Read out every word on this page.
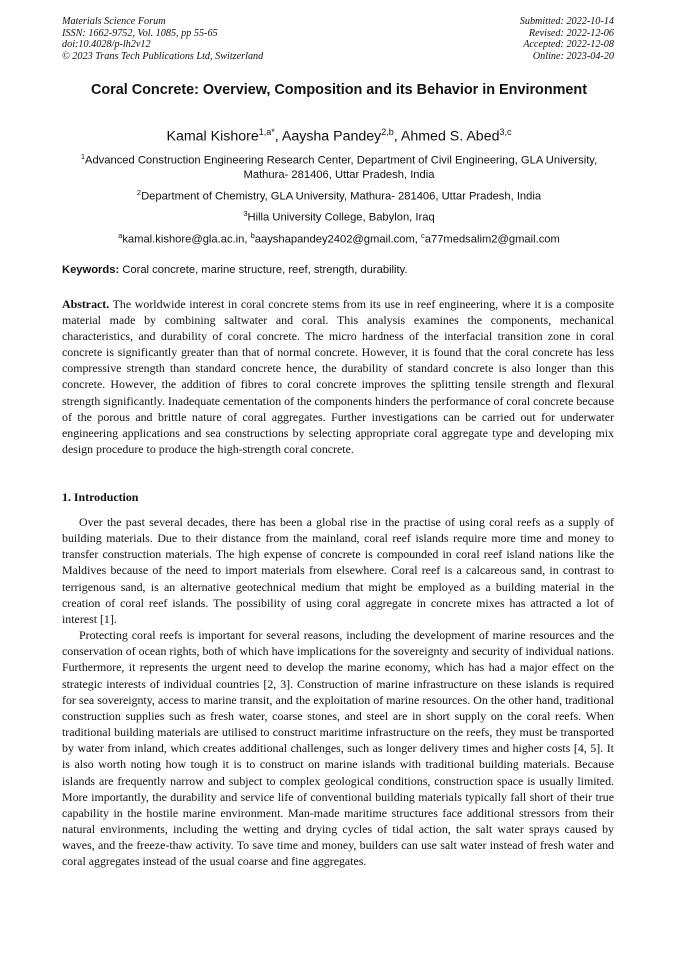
Materials Science Forum
ISSN: 1662-9752, Vol. 1085, pp 55-65
doi:10.4028/p-lh2v12
© 2023 Trans Tech Publications Ltd, Switzerland
Submitted: 2022-10-14
Revised: 2022-12-06
Accepted: 2022-12-08
Online: 2023-04-20
Coral Concrete: Overview, Composition and its Behavior in Environment
Kamal Kishore$^{1,a*}$, Aaysha Pandey$^{2,b}$, Ahmed S. Abed$^{3,c}$
$^1$Advanced Construction Engineering Research Center, Department of Civil Engineering, GLA University, Mathura- 281406, Uttar Pradesh, India
$^2$Department of Chemistry, GLA University, Mathura- 281406, Uttar Pradesh, India
$^3$Hilla University College, Babylon, Iraq
$^a$kamal.kishore@gla.ac.in, $^b$aayshapandey2402@gmail.com, $^c$a77medsalim2@gmail.com
Keywords: Coral concrete, marine structure, reef, strength, durability.
Abstract. The worldwide interest in coral concrete stems from its use in reef engineering, where it is a composite material made by combining saltwater and coral. This analysis examines the components, mechanical characteristics, and durability of coral concrete. The micro hardness of the interfacial transition zone in coral concrete is significantly greater than that of normal concrete. However, it is found that the coral concrete has less compressive strength than standard concrete hence, the durability of standard concrete is also longer than this concrete. However, the addition of fibres to coral concrete improves the splitting tensile strength and flexural strength significantly. Inadequate cementation of the components hinders the performance of coral concrete because of the porous and brittle nature of coral aggregates. Further investigations can be carried out for underwater engineering applications and sea constructions by selecting appropriate coral aggregate type and developing mix design procedure to produce the high-strength coral concrete.
1. Introduction

Over the past several decades, there has been a global rise in the practise of using coral reefs as a supply of building materials. Due to their distance from the mainland, coral reef islands require more time and money to transfer construction materials. The high expense of concrete is compounded in coral reef island nations like the Maldives because of the need to import materials from elsewhere. Coral reef is a calcareous sand, in contrast to terrigenous sand, is an alternative geotechnical medium that might be employed as a building material in the creation of coral reef islands. The possibility of using coral aggregate in concrete mixes has attracted a lot of interest [1].

Protecting coral reefs is important for several reasons, including the development of marine resources and the conservation of ocean rights, both of which have implications for the sovereignty and security of individual nations. Furthermore, it represents the urgent need to develop the marine economy, which has had a major effect on the strategic interests of individual countries [2, 3]. Construction of marine infrastructure on these islands is required for sea sovereignty, access to marine transit, and the exploitation of marine resources. On the other hand, traditional construction supplies such as fresh water, coarse stones, and steel are in short supply on the coral reefs. When traditional building materials are utilised to construct maritime infrastructure on the reefs, they must be transported by water from inland, which creates additional challenges, such as longer delivery times and higher costs [4, 5]. It is also worth noting how tough it is to construct on marine islands with traditional building materials. Because islands are frequently narrow and subject to complex geological conditions, construction space is usually limited. More importantly, the durability and service life of conventional building materials typically fall short of their true capability in the hostile marine environment. Man-made maritime structures face additional stressors from their natural environments, including the wetting and drying cycles of tidal action, the salt water sprays caused by waves, and the freeze-thaw activity. To save time and money, builders can use salt water instead of fresh water and coral aggregates instead of the usual coarse and fine aggregates.
